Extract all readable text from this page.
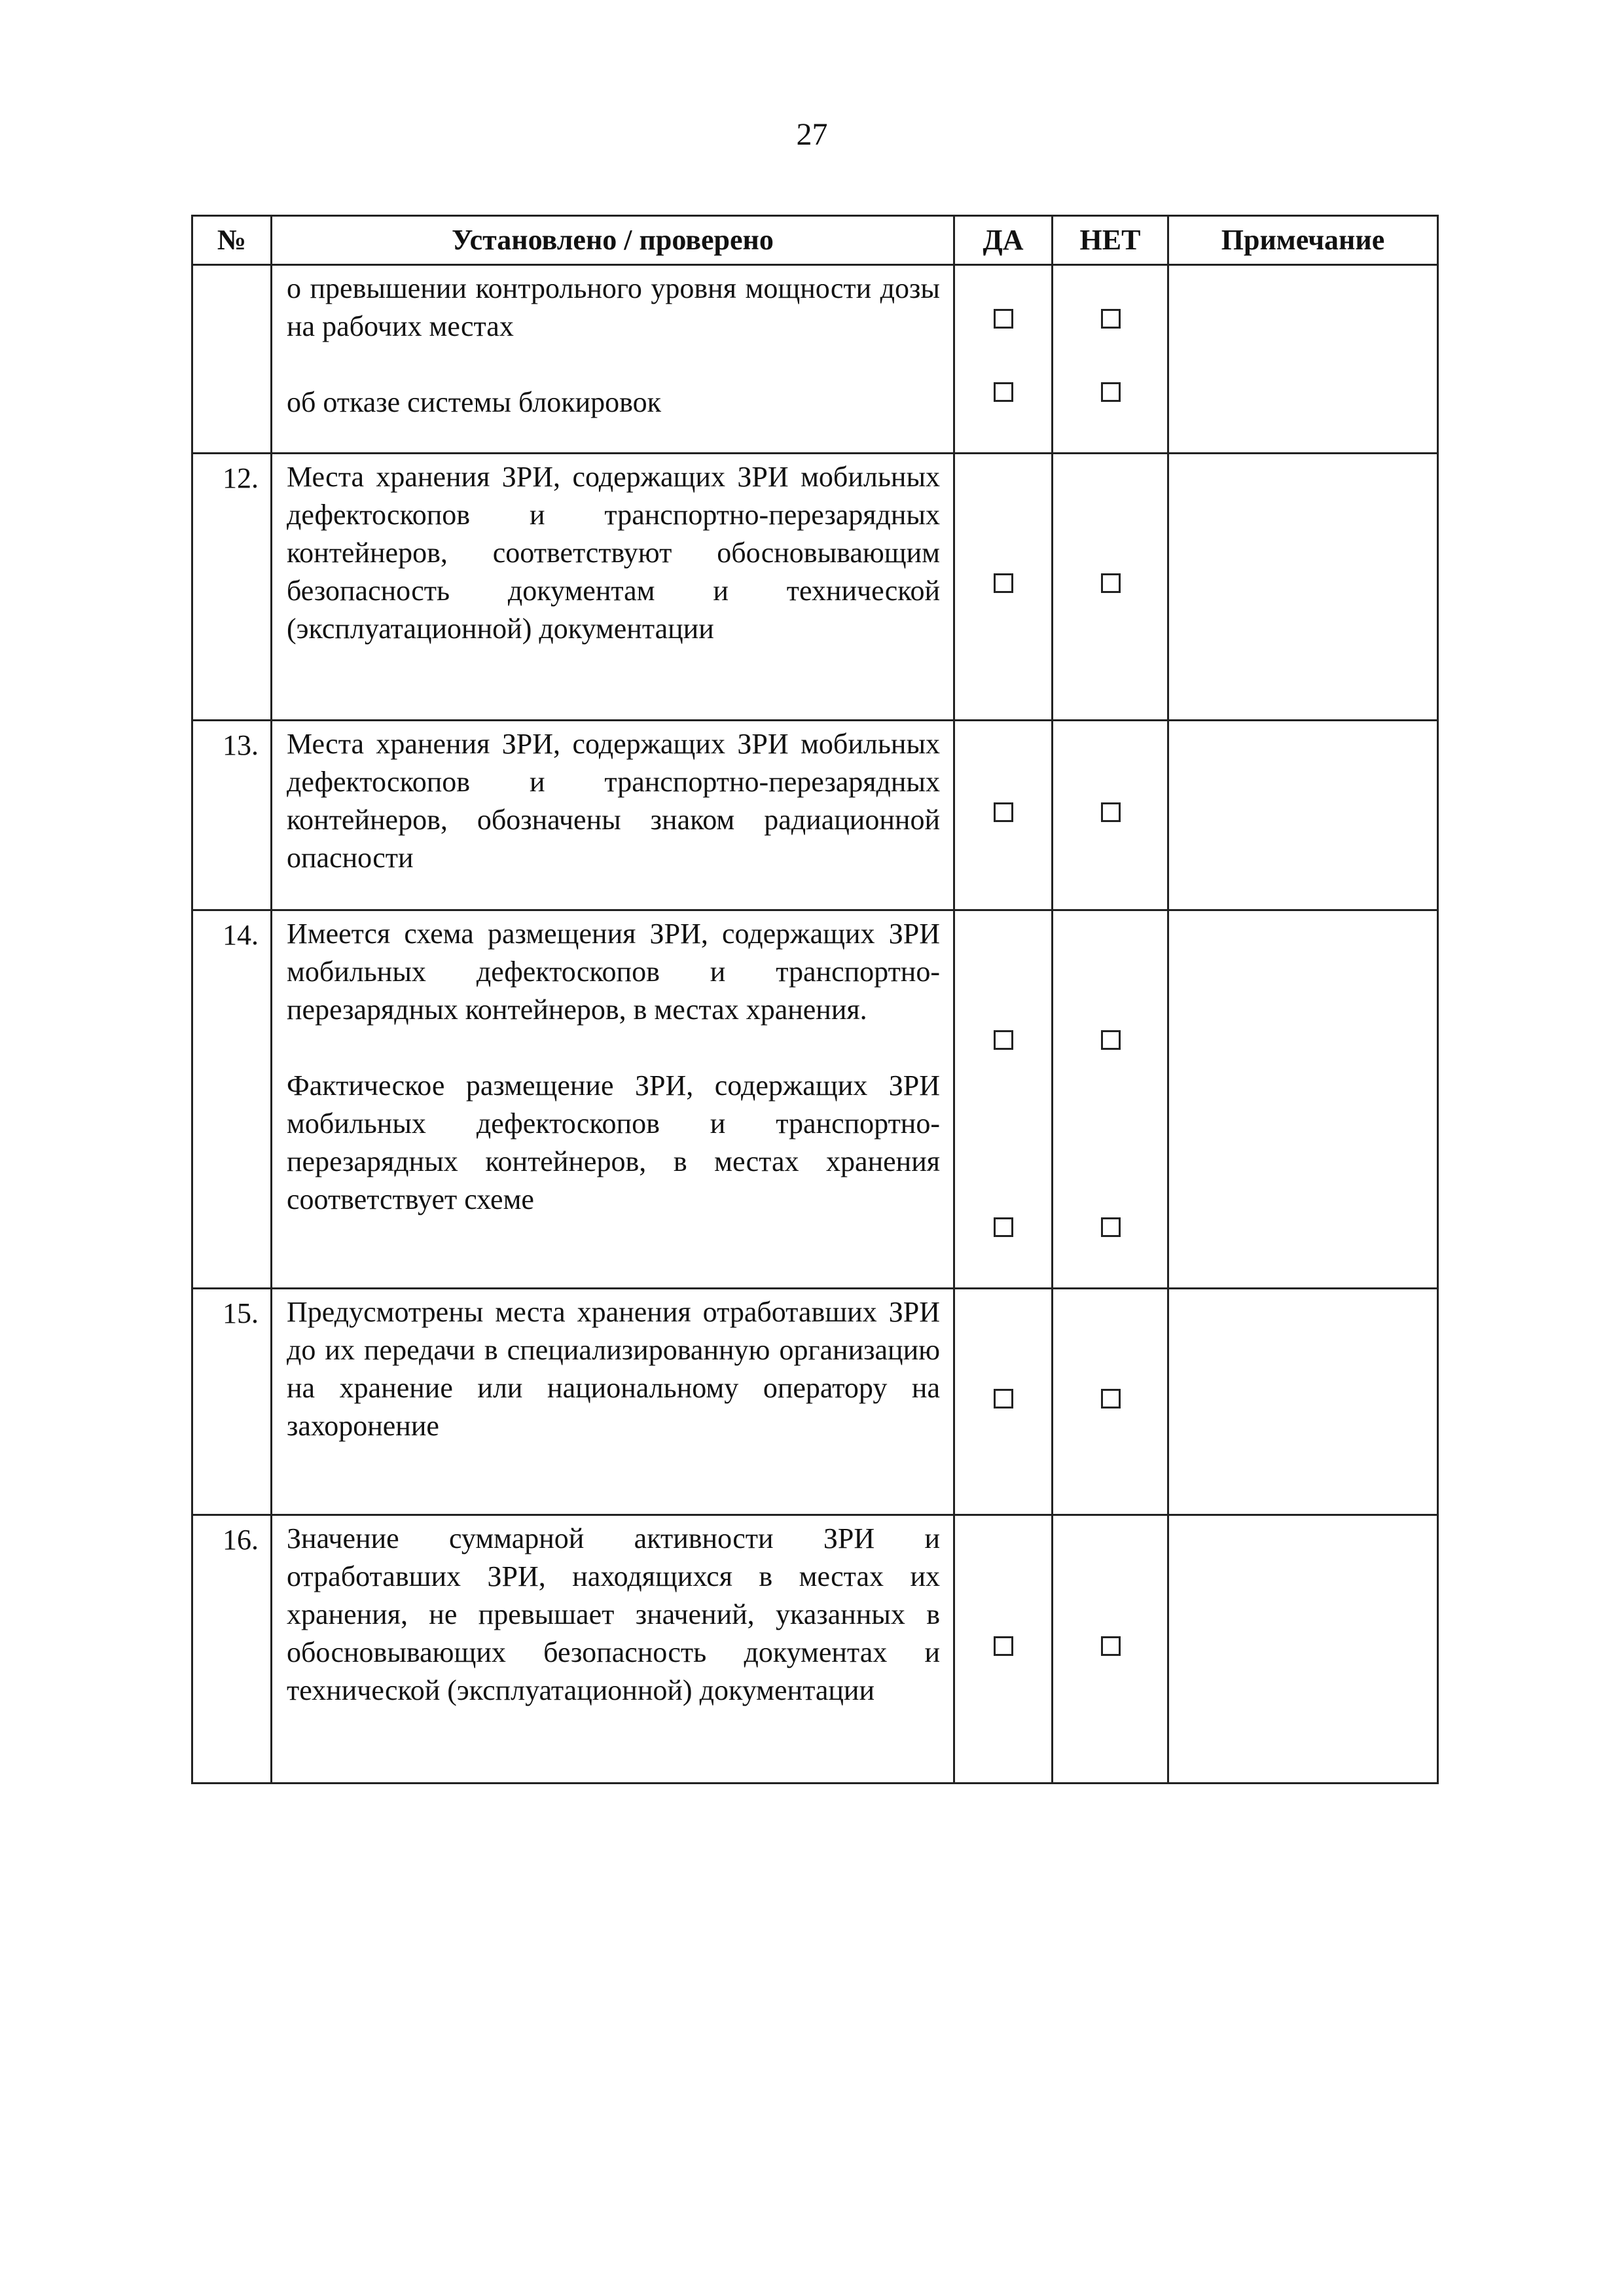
27
№	Установлено / проверено	ДА	НЕТ	Примечание

	о превышении контрольного уровня мощности дозы на рабочих местах

об отказе системы блокировок			

12.	Места хранения ЗРИ, содержащих ЗРИ мобильных дефектоскопов и транспортно-перезарядных контейнеров, соответствуют обосновывающим безопасность документам и технической (эксплуатационной) документации			

13.	Места хранения ЗРИ, содержащих ЗРИ мобильных дефектоскопов и транспортно-перезарядных контейнеров, обозначены знаком радиационной опасности			

14.	Имеется схема размещения ЗРИ, содержащих ЗРИ мобильных дефектоскопов и транспортно-перезарядных контейнеров, в местах хранения.

Фактическое размещение ЗРИ, содержащих ЗРИ мобильных дефектоскопов и транспортно-перезарядных контейнеров, в местах хранения соответствует схеме			

15.	Предусмотрены места хранения отработавших ЗРИ до их передачи в специализированную организацию на хранение или национальному оператору на захоронение			

16.	Значение суммарной активности ЗРИ и отработавших ЗРИ, находящихся в местах их хранения, не превышает значений, указанных в обосновывающих безопасность документах и технической (эксплуатационной) документации			
